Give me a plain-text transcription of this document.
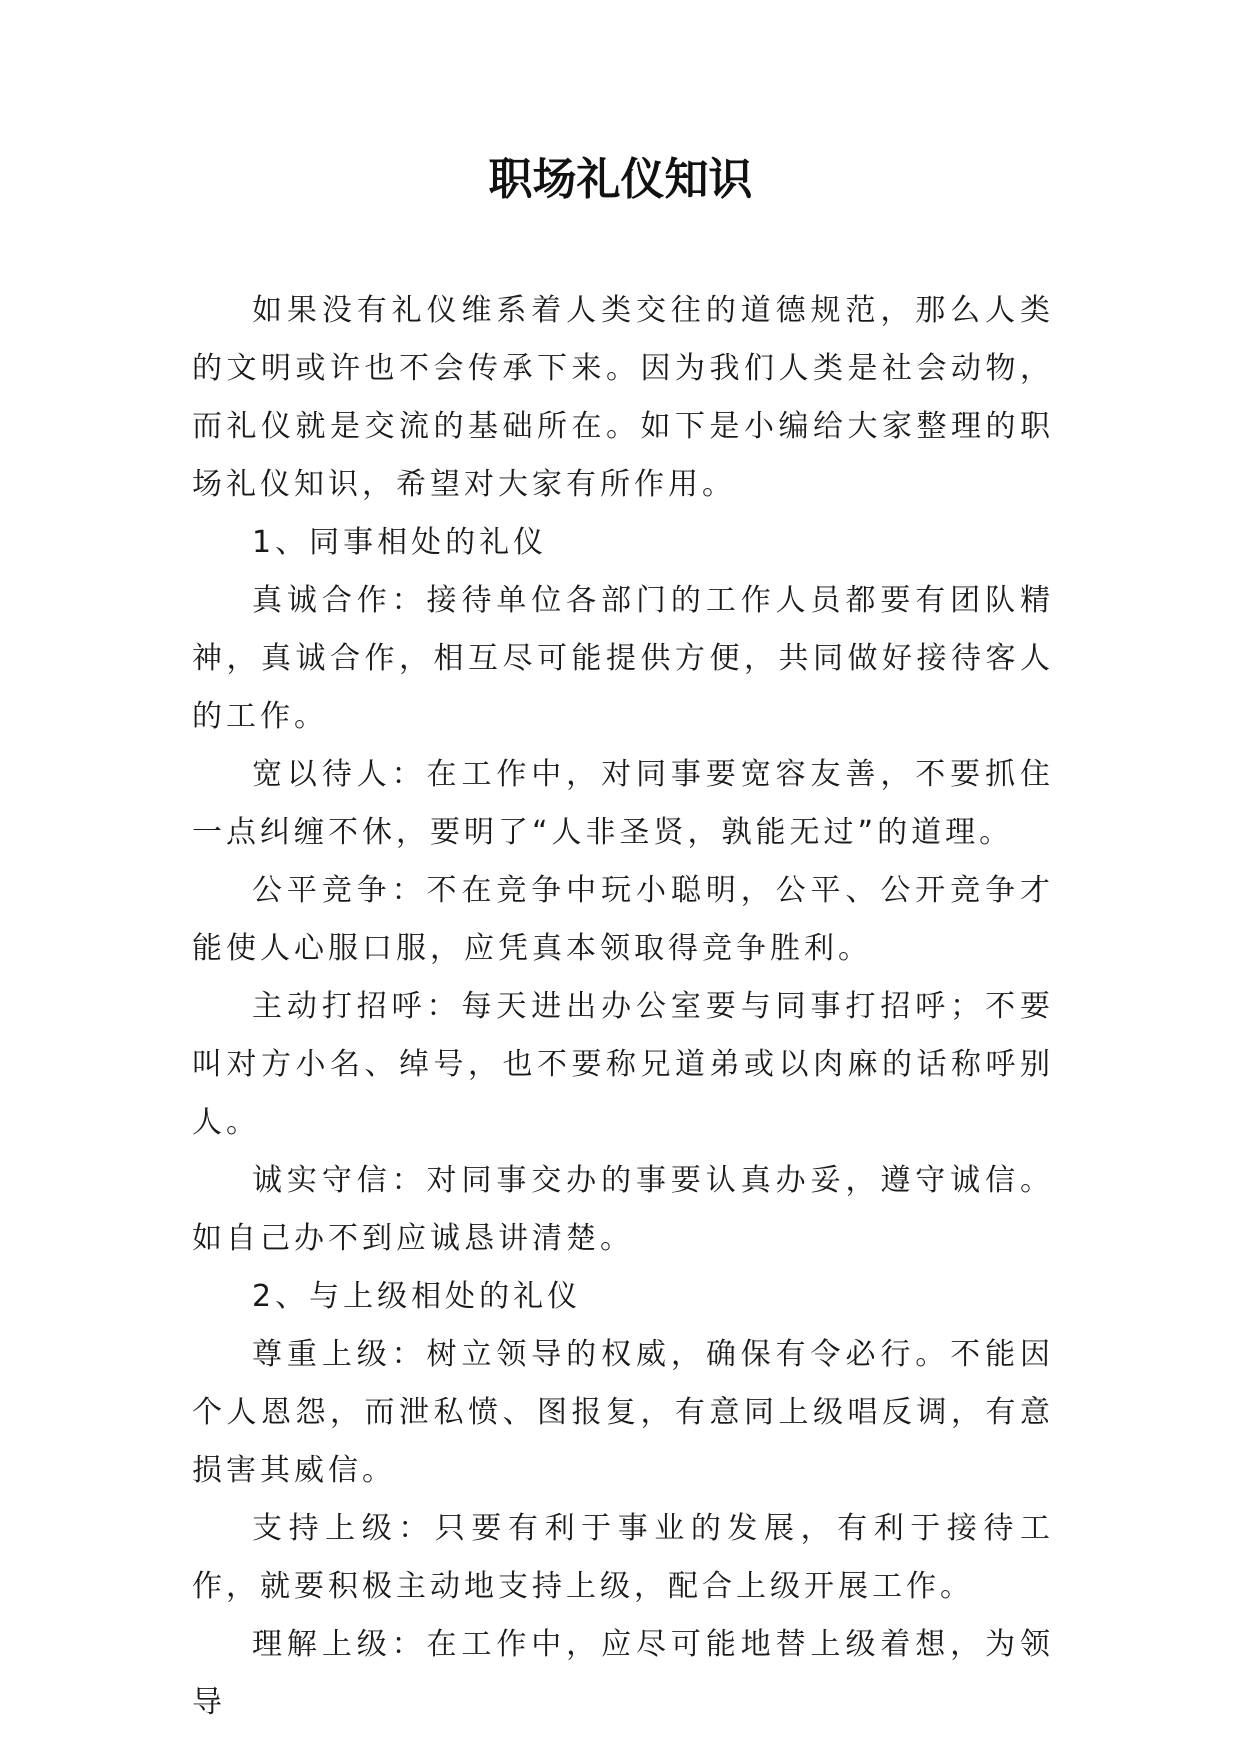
职场礼仪知识

如果没有礼仪维系着人类交往的道德规范，那么人类的文明或许也不会传承下来。因为我们人类是社会动物，而礼仪就是交流的基础所在。如下是小编给大家整理的职场礼仪知识，希望对大家有所作用。

1、同事相处的礼仪

真诚合作：接待单位各部门的工作人员都要有团队精神，真诚合作，相互尽可能提供方便，共同做好接待客人的工作。

宽以待人：在工作中，对同事要宽容友善，不要抓住一点纠缠不休，要明了“人非圣贤，孰能无过”的道理。

公平竞争：不在竞争中玩小聪明，公平、公开竞争才能使人心服口服，应凭真本领取得竞争胜利。

主动打招呼：每天进出办公室要与同事打招呼；不要叫对方小名、绰号，也不要称兄道弟或以肉麻的话称呼别人。

诚实守信：对同事交办的事要认真办妥，遵守诚信。如自己办不到应诚恳讲清楚。

2、与上级相处的礼仪

尊重上级：树立领导的权威，确保有令必行。不能因个人恩怨，而泄私愤、图报复，有意同上级唱反调，有意损害其威信。

支持上级：只要有利于事业的发展，有利于接待工作，就要积极主动地支持上级，配合上级开展工作。

理解上级：在工作中，应尽可能地替上级着想，为领导
